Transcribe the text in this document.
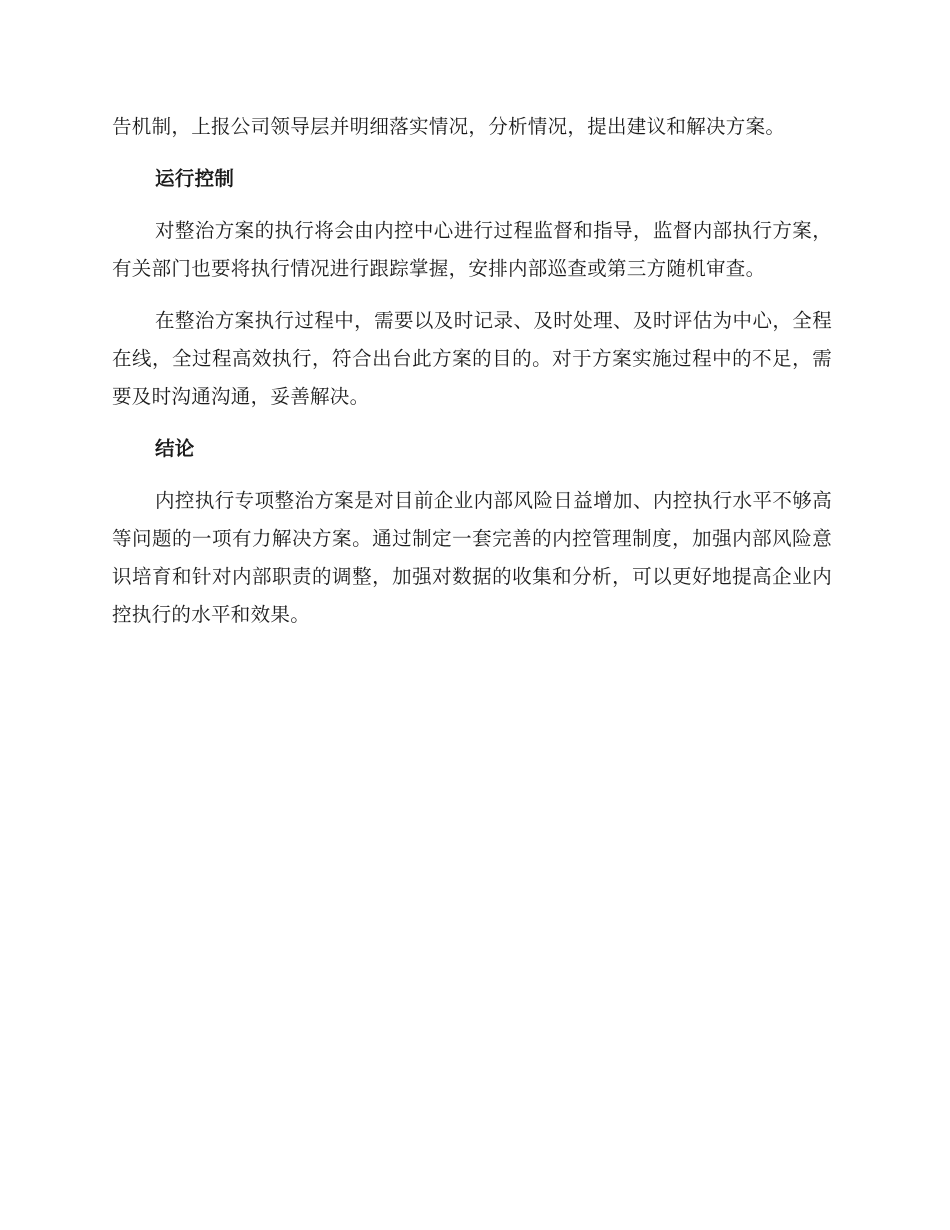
告机制，上报公司领导层并明细落实情况，分析情况，提出建议和解决方案。

运行控制

对整治方案的执行将会由内控中心进行过程监督和指导，监督内部执行方案，有关部门也要将执行情况进行跟踪掌握，安排内部巡查或第三方随机审查。

在整治方案执行过程中，需要以及时记录、及时处理、及时评估为中心，全程在线，全过程高效执行，符合出台此方案的目的。对于方案实施过程中的不足，需要及时沟通沟通，妥善解决。

结论

内控执行专项整治方案是对目前企业内部风险日益增加、内控执行水平不够高等问题的一项有力解决方案。通过制定一套完善的内控管理制度，加强内部风险意识培育和针对内部职责的调整，加强对数据的收集和分析，可以更好地提高企业内控执行的水平和效果。
